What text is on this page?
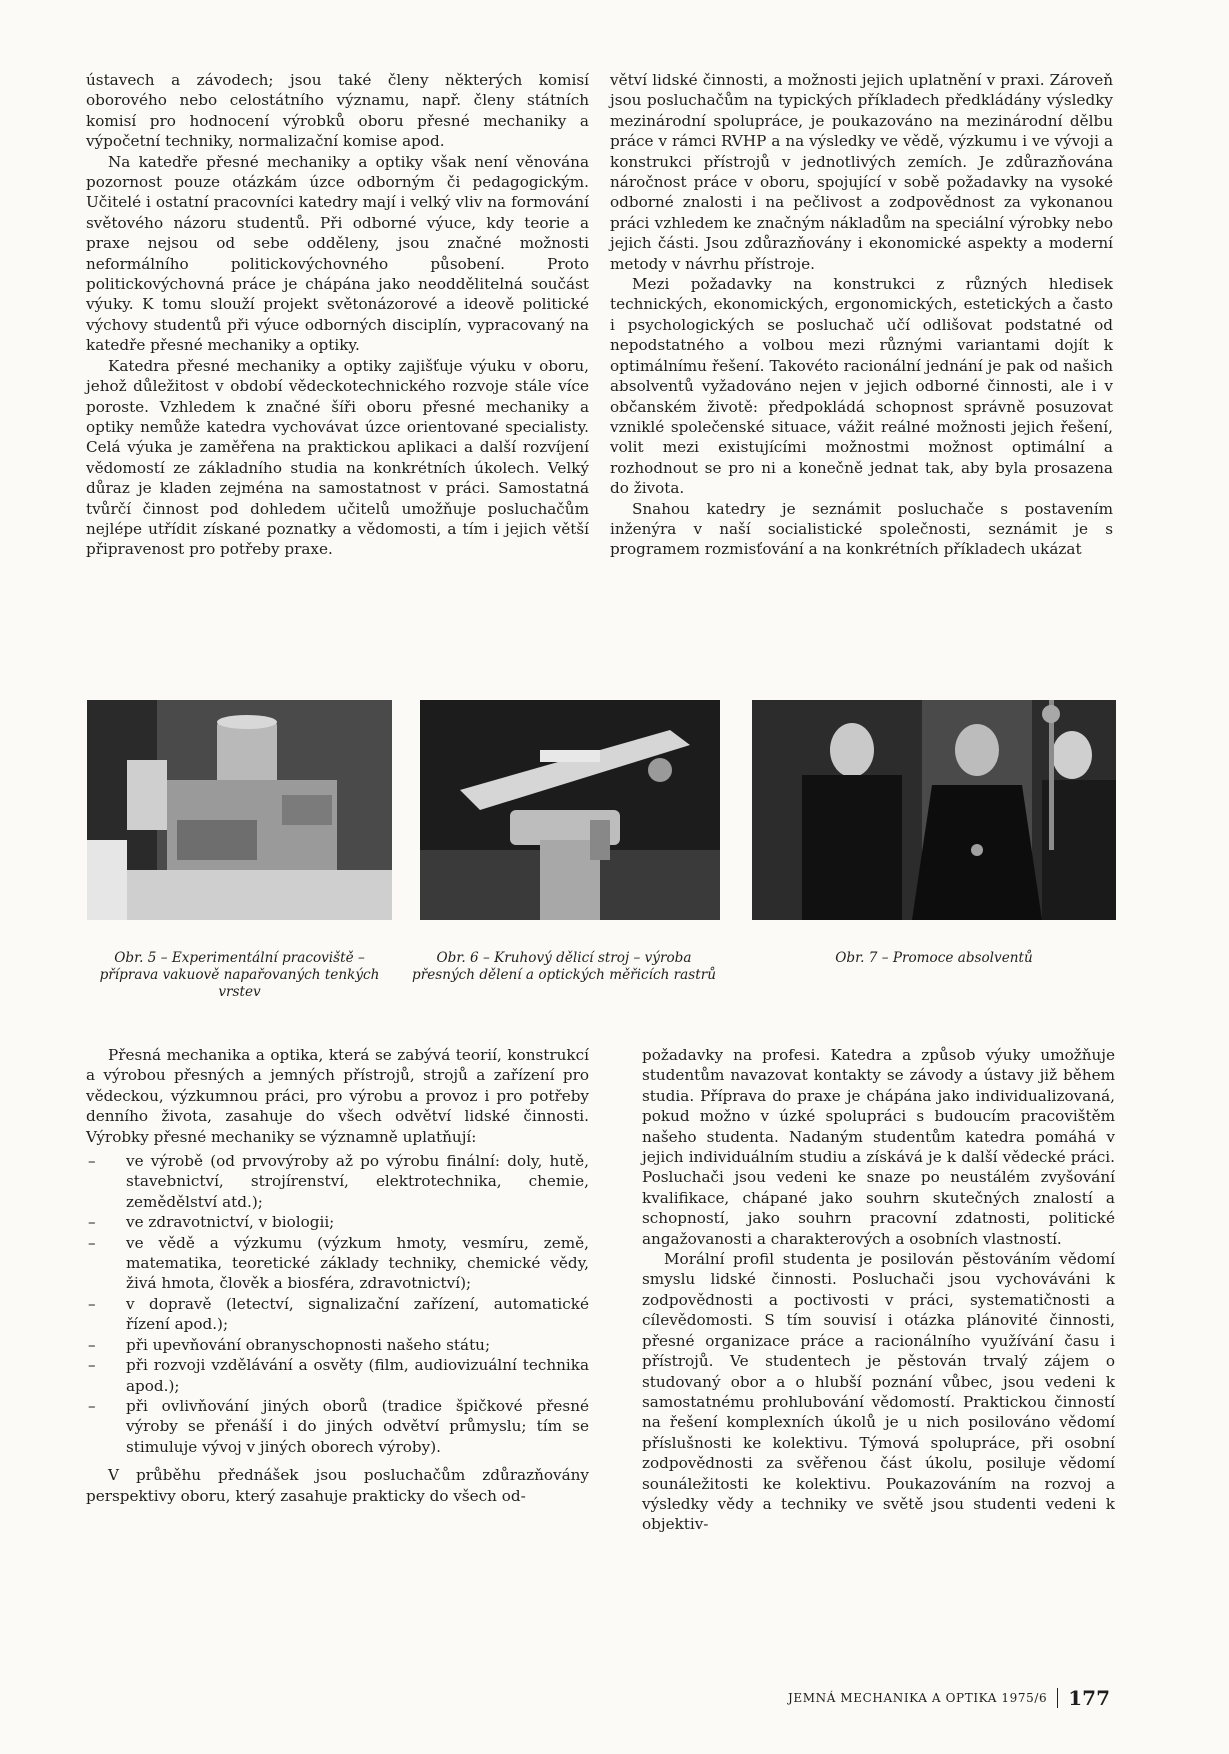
ústavech a závodech; jsou také členy některých komisí oborového nebo celostátního významu, např. členy státních komisí pro hodnocení výrobků oboru přesné mechaniky a výpočetní techniky, normalizační komise apod.

Na katedře přesné mechaniky a optiky však není věnována pozornost pouze otázkám úzce odborným či pedagogickým. Učitelé i ostatní pracovníci katedry mají i velký vliv na formování světového názoru studentů. Při odborné výuce, kdy teorie a praxe nejsou od sebe odděleny, jsou značné možnosti neformálního politickovýchovného působení. Proto politickovýchovná práce je chápána jako neoddělitelná součást výuky. K tomu slouží projekt světonázorové a ideově politické výchovy studentů při výuce odborných disciplín, vypracovaný na katedře přesné mechaniky a optiky.

Katedra přesné mechaniky a optiky zajišťuje výuku v oboru, jehož důležitost v období vědeckotechnického rozvoje stále více poroste. Vzhledem k značné šíři oboru přesné mechaniky a optiky nemůže katedra vychovávat úzce orientované specialisty. Celá výuka je zaměřena na praktickou aplikaci a další rozvíjení vědomostí ze základního studia na konkrétních úkolech. Velký důraz je kladen zejména na samostatnost v práci. Samostatná tvůrčí činnost pod dohledem učitelů umožňuje posluchačům nejlépe utřídit získané poznatky a vědomosti, a tím i jejich větší připravenost pro potřeby praxe.

větví lidské činnosti, a možnosti jejich uplatnění v praxi. Zároveň jsou posluchačům na typických příkladech předkládány výsledky mezinárodní spolupráce, je poukazováno na mezinárodní dělbu práce v rámci RVHP a na výsledky ve vědě, výzkumu i ve vývoji a konstrukci přístrojů v jednotlivých zemích. Je zdůrazňována náročnost práce v oboru, spojující v sobě požadavky na vysoké odborné znalosti i na pečlivost a zodpovědnost za vykonanou práci vzhledem ke značným nákladům na speciální výrobky nebo jejich části. Jsou zdůrazňovány i ekonomické aspekty a moderní metody v návrhu přístroje.

Mezi požadavky na konstrukci z různých hledisek technických, ekonomických, ergonomických, estetických a často i psychologických se posluchač učí odlišovat podstatné od nepodstatného a volbou mezi různými variantami dojít k optimálnímu řešení. Takovéto racionální jednání je pak od našich absolventů vyžadováno nejen v jejich odborné činnosti, ale i v občanském životě: předpokládá schopnost správně posuzovat vzniklé společenské situace, vážit reálné možnosti jejich řešení, volit mezi existujícími možnostmi možnost optimální a rozhodnout se pro ni a konečně jednat tak, aby byla prosazena do života.

Snahou katedry je seznámit posluchače s postavením inženýra v naší socialistické společnosti, seznámit je s programem rozmisťování a na konkrétních příkladech ukázat

Obr. 5 – Experimentální pracoviště – příprava vakuově napařovaných tenkých vrstev
Obr. 6 – Kruhový dělicí stroj – výroba přesných dělení a optických měřicích rastrů
Obr. 7 – Promoce absolventů

Přesná mechanika a optika, která se zabývá teorií, konstrukcí a výrobou přesných a jemných přístrojů, strojů a zařízení pro vědeckou, výzkumnou práci, pro výrobu a provoz i pro potřeby denního života, zasahuje do všech odvětví lidské činnosti. Výrobky přesné mechaniky se významně uplatňují:

– ve výrobě (od prvovýroby až po výrobu finální: doly, hutě, stavebnictví, strojírenství, elektrotechnika, chemie, zemědělství atd.);
– ve zdravotnictví, v biologii;
– ve vědě a výzkumu (výzkum hmoty, vesmíru, země, matematika, teoretické základy techniky, chemické vědy, živá hmota, člověk a biosféra, zdravotnictví);
– v dopravě (letectví, signalizační zařízení, automatické řízení apod.);
– při upevňování obranyschopnosti našeho státu;
– při rozvoji vzdělávání a osvěty (film, audiovizuální technika apod.);
– při ovlivňování jiných oborů (tradice špičkové přesné výroby se přenáší i do jiných odvětví průmyslu; tím se stimuluje vývoj v jiných oborech výroby).

V průběhu přednášek jsou posluchačům zdůrazňovány perspektivy oboru, který zasahuje prakticky do všech od-

požadavky na profesi. Katedra a způsob výuky umožňuje studentům navazovat kontakty se závody a ústavy již během studia. Příprava do praxe je chápána jako individualizovaná, pokud možno v úzké spolupráci s budoucím pracovištěm našeho studenta. Nadaným studentům katedra pomáhá v jejich individuálním studiu a získává je k další vědecké práci. Posluchači jsou vedeni ke snaze po neustálém zvyšování kvalifikace, chápané jako souhrn skutečných znalostí a schopností, jako souhrn pracovní zdatnosti, politické angažovanosti a charakterových a osobních vlastností.

Morální profil studenta je posilován pěstováním vědomí smyslu lidské činnosti. Posluchači jsou vychováváni k zodpovědnosti a poctivosti v práci, systematičnosti a cílevědomosti. S tím souvisí i otázka plánovité činnosti, přesné organizace práce a racionálního využívání času i přístrojů. Ve studentech je pěstován trvalý zájem o studovaný obor a o hlubší poznání vůbec, jsou vedeni k samostatnému prohlubování vědomostí. Praktickou činností na řešení komplexních úkolů je u nich posilováno vědomí příslušnosti ke kolektivu. Týmová spolupráce, při osobní zodpovědnosti za svěřenou část úkolu, posiluje vědomí sounáležitosti ke kolektivu. Poukazováním na rozvoj a výsledky vědy a techniky ve světě jsou studenti vedeni k objektiv-

JEMNÁ MECHANIKA A OPTIKA 1975/6 177
